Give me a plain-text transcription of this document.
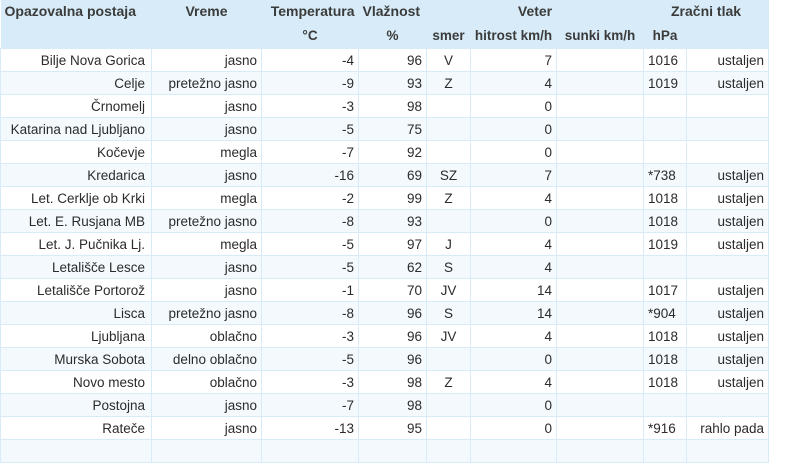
Opazovalna postaja	Vreme	Temperatura	Vlažnost	Veter			Zračni tlak	
		°C	%	smer	hitrost km/h	sunki km/h	hPa	
Bilje Nova Gorica	jasno	-4	96	V	7		1016	ustaljen
Celje	pretežno jasno	-9	93	Z	4		1019	ustaljen
Črnomelj	jasno	-3	98		0			
Katarina nad Ljubljano	jasno	-5	75		0			
Kočevje	megla	-7	92		0			
Kredarica	jasno	-16	69	SZ	7		*738	ustaljen
Let. Cerklje ob Krki	megla	-2	99	Z	4		1018	ustaljen
Let. E. Rusjana MB	pretežno jasno	-8	93		0		1018	ustaljen
Let. J. Pučnika Lj.	megla	-5	97	J	4		1019	ustaljen
Letališče Lesce	jasno	-5	62	S	4			
Letališče Portorož	jasno	-1	70	JV	14		1017	ustaljen
Lisca	pretežno jasno	-8	96	S	14		*904	ustaljen
Ljubljana	oblačno	-3	96	JV	4		1018	ustaljen
Murska Sobota	delno oblačno	-5	96		0		1018	ustaljen
Novo mesto	oblačno	-3	98	Z	4		1018	ustaljen
Postojna	jasno	-7	98		0			
Rateče	jasno	-13	95		0		*916	rahlo pada
